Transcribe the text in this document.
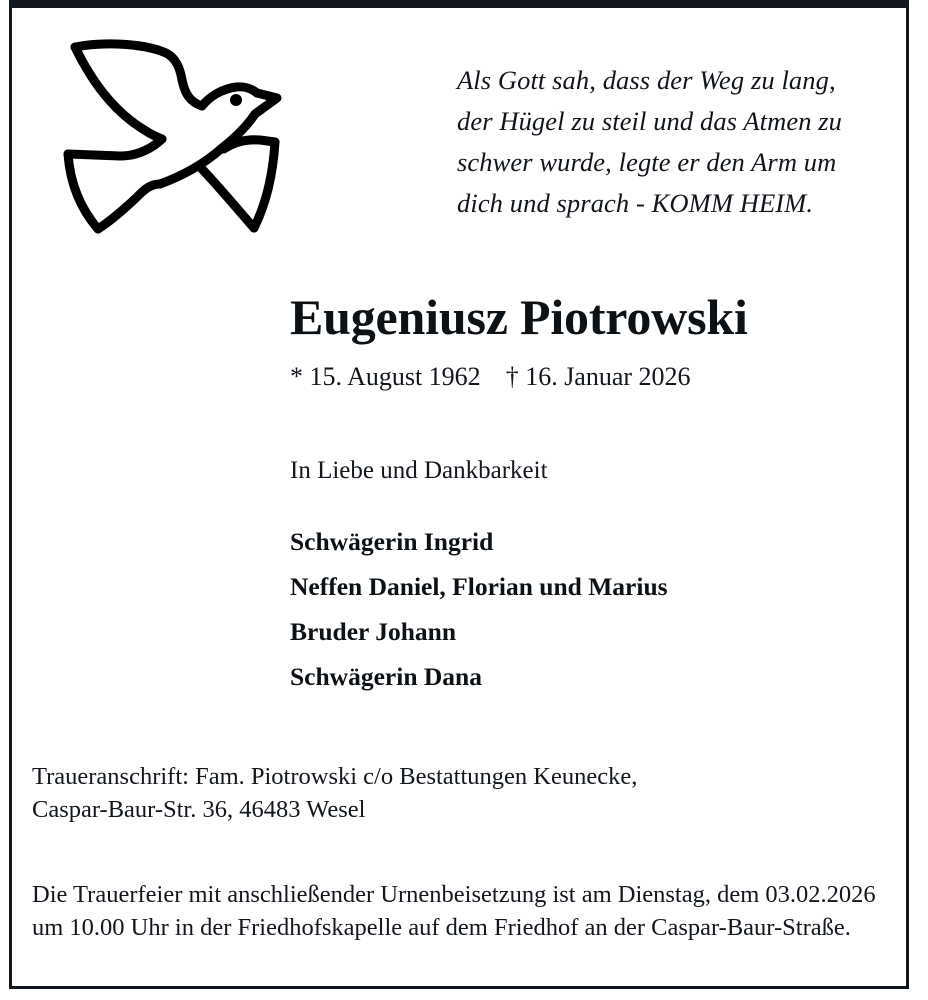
Als Gott sah, dass der Weg zu lang,
der Hügel zu steil und das Atmen zu
schwer wurde, legte er den Arm um
dich und sprach - KOMM HEIM.
Eugeniusz Piotrowski
* 15. August 1962 † 16. Januar 2026
In Liebe und Dankbarkeit
Schwägerin Ingrid
Neffen Daniel, Florian und Marius
Bruder Johann
Schwägerin Dana
Traueranschrift: Fam. Piotrowski c/o Bestattungen Keunecke,
Caspar-Baur-Str. 36, 46483 Wesel
Die Trauerfeier mit anschließender Urnenbeisetzung ist am Dienstag, dem 03.02.2026 um 10.00 Uhr in der Friedhofskapelle auf dem Friedhof an der Caspar-Baur-Straße.
